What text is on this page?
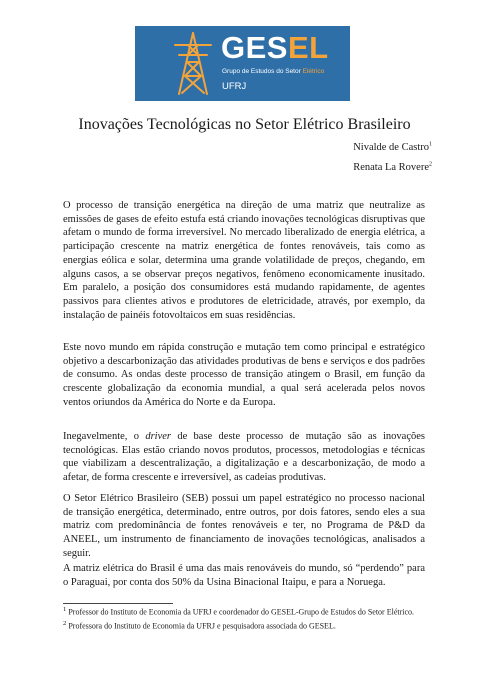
GESEL
Grupo de Estudos do Setor Elétrico
UFRJ
Inovações Tecnológicas no Setor Elétrico Brasileiro
Nivalde de Castro$^1$
Renata La Rovere$^2$

O processo de transição energética na direção de uma matriz que neutralize as emissões de gases de efeito estufa está criando inovações tecnológicas disruptivas que afetam o mundo de forma irreversível. No mercado liberalizado de energia elétrica, a participação crescente na matriz energética de fontes renováveis, tais como as energias eólica e solar, determina uma grande volatilidade de preços, chegando, em alguns casos, a se observar preços negativos, fenômeno economicamente inusitado. Em paralelo, a posição dos consumidores está mudando rapidamente, de agentes passivos para clientes ativos e produtores de eletricidade, através, por exemplo, da instalação de painéis fotovoltaicos em suas residências.

Este novo mundo em rápida construção e mutação tem como principal e estratégico objetivo a descarbonização das atividades produtivas de bens e serviços e dos padrões de consumo. As ondas deste processo de transição atingem o Brasil, em função da crescente globalização da economia mundial, a qual será acelerada pelos novos ventos oriundos da América do Norte e da Europa.

Inegavelmente, o driver de base deste processo de mutação são as inovações tecnológicas. Elas estão criando novos produtos, processos, metodologias e técnicas que viabilizam a descentralização, a digitalização e a descarbonização, de modo a afetar, de forma crescente e irreversível, as cadeias produtivas.

O Setor Elétrico Brasileiro (SEB) possui um papel estratégico no processo nacional de transição energética, determinado, entre outros, por dois fatores, sendo eles a sua matriz com predominância de fontes renováveis e ter, no Programa de P&D da ANEEL, um instrumento de financiamento de inovações tecnológicas, analisados a seguir.

A matriz elétrica do Brasil é uma das mais renováveis do mundo, só “perdendo” para o Paraguai, por conta dos 50% da Usina Binacional Itaipu, e para a Noruega.

$^1$ Professor do Instituto de Economia da UFRJ e coordenador do GESEL-Grupo de Estudos do Setor Elétrico.
$^2$ Professora do Instituto de Economia da UFRJ e pesquisadora associada do GESEL.
